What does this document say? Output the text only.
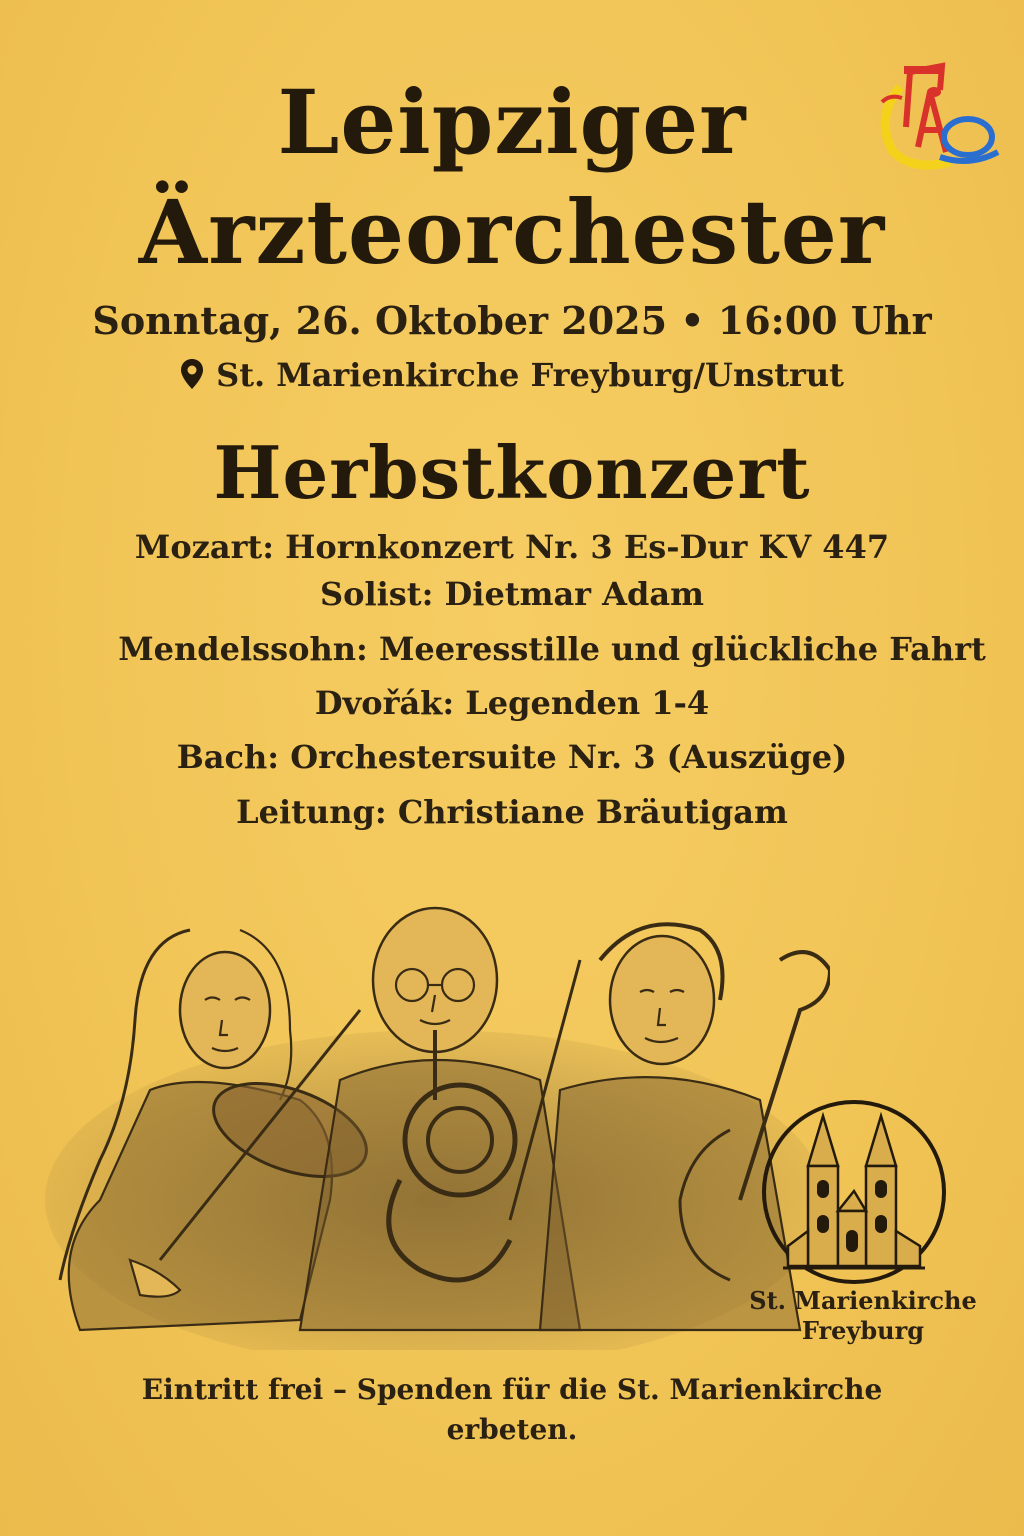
Leipziger
Ärzteorchester
ÄO
Sonntag, 26. Oktober 2025 • 16:00 Uhr
St. Marienkirche Freyburg/Unstrut
Herbstkonzert
Mozart: Hornkonzert Nr. 3 Es-Dur KV 447
Solist: Dietmar Adam
Mendelssohn: Meeresstille und glückliche Fahrt
Dvořák: Legenden 1-4
Bach: Orchestersuite Nr. 3 (Auszüge)
Leitung: Christiane Bräutigam
St. Marienkirche
Freyburg
Eintritt frei – Spenden für die St. Marienkirche
erbeten.
